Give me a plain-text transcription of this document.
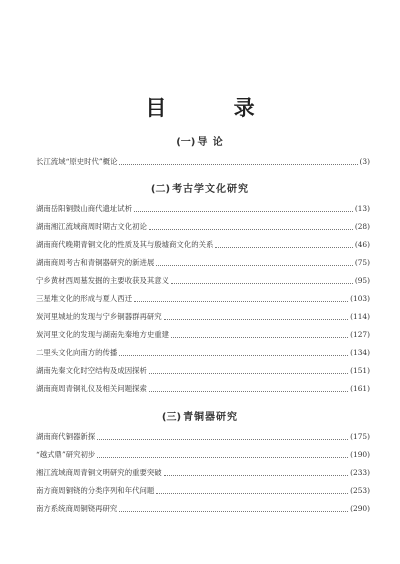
目 录
(一) 导 论
长江流域“原史时代”概论	(3)
(二) 考古学文化研究
湖南岳阳铜鼓山商代遗址试析	(13)
湖南湘江流域商周时期古文化初论	(28)
湖南商代晚期青铜文化的性质及其与殷墟商文化的关系	(46)
湖南商周考古和青铜器研究的新进展	(75)
宁乡黄材西周墓发掘的主要收获及其意义	(95)
三星堆文化的形成与夏人西迁	(103)
炭河里城址的发现与宁乡铜器群再研究	(114)
炭河里文化的发现与湖南先秦地方史重建	(127)
二里头文化向南方的传播	(134)
湖南先秦文化时空结构及成因探析	(151)
湖南商周青铜礼仪及相关问题探索	(161)
(三) 青铜器研究
湖南商代铜器新探	(175)
“越式鼎”研究初步	(190)
湘江流域商周青铜文明研究的重要突破	(233)
南方商周铜铙的分类序列和年代问题	(253)
南方系统商周铜铙再研究	(290)
